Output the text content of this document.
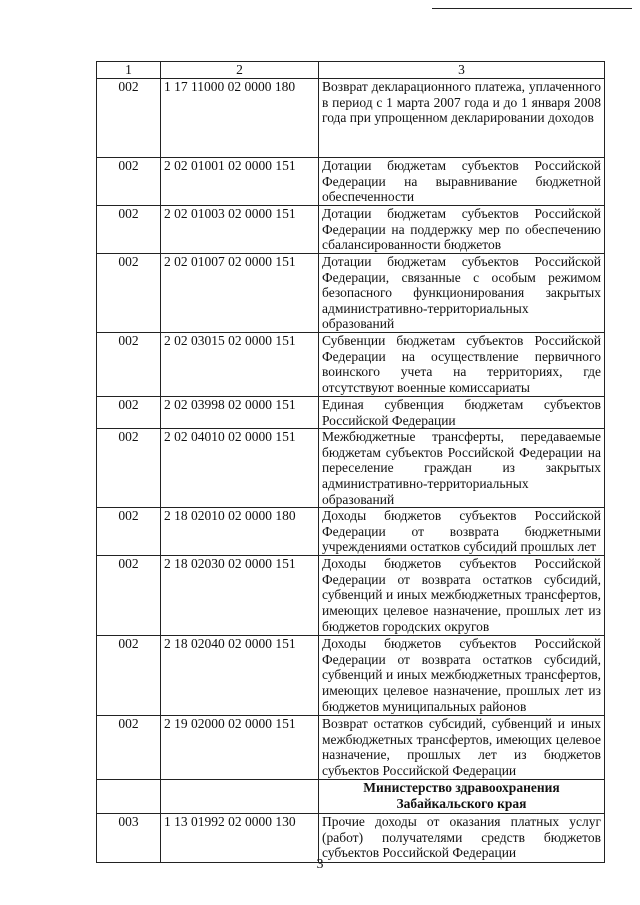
1	2	3
002	1 17 11000 02 0000 180	Возврат декларационного платежа, уплаченного в период с 1 марта 2007 года и до 1 января 2008 года при упрощенном декларировании доходов
002	2 02 01001 02 0000 151	Дотации бюджетам субъектов Российской Федерации на выравнивание бюджетной обеспеченности
002	2 02 01003 02 0000 151	Дотации бюджетам субъектов Российской Федерации на поддержку мер по обеспечению сбалансированности бюджетов
002	2 02 01007 02 0000 151	Дотации бюджетам субъектов Российской Федерации, связанные с особым режимом безопасного функционирования закрытых административно-территориальных образований
002	2 02 03015 02 0000 151	Субвенции бюджетам субъектов Российской Федерации на осуществление первичного воинского учета на территориях, где отсутствуют военные комиссариаты
002	2 02 03998 02 0000 151	Единая субвенция бюджетам субъектов Российской Федерации
002	2 02 04010 02 0000 151	Межбюджетные трансферты, передаваемые бюджетам субъектов Российской Федерации на переселение граждан из закрытых административно-территориальных образований
002	2 18 02010 02 0000 180	Доходы бюджетов субъектов Российской Федерации от возврата бюджетными учреждениями остатков субсидий прошлых лет
002	2 18 02030 02 0000 151	Доходы бюджетов субъектов Российской Федерации от возврата остатков субсидий, субвенций и иных межбюджетных трансфертов, имеющих целевое назначение, прошлых лет из бюджетов городских округов
002	2 18 02040 02 0000 151	Доходы бюджетов субъектов Российской Федерации от возврата остатков субсидий, субвенций и иных межбюджетных трансфертов, имеющих целевое назначение, прошлых лет из бюджетов муниципальных районов
002	2 19 02000 02 0000 151	Возврат остатков субсидий, субвенций и иных межбюджетных трансфертов, имеющих целевое назначение, прошлых лет из бюджетов субъектов Российской Федерации
		Министерство здравоохранения Забайкальского края
003	1 13 01992 02 0000 130	Прочие доходы от оказания платных услуг (работ) получателями средств бюджетов субъектов Российской Федерации
3
